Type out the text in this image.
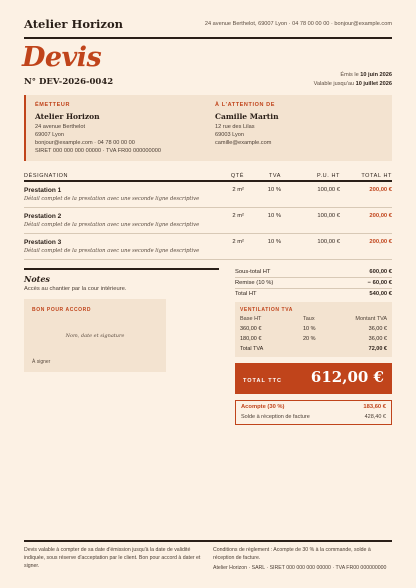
Atelier Horizon	24 avenue Berthelot, 69007 Lyon · 04 78 00 00 00 · bonjour@example.com
Devis
N° DEV-2026-0042
Émis le 10 juin 2026
Valable jusqu'au 10 juillet 2026
ÉMETTEUR
Atelier Horizon
24 avenue Berthelot
69007 Lyon
bonjour@example.com · 04 78 00 00 00
SIRET 000 000 000 00000 · TVA FR00 000000000
À L'ATTENTION DE
Camille Martin
12 rue des Lilas
69003 Lyon
camille@example.com
DÉSIGNATION	QTÉ	TVA	P.U. HT	TOTAL HT
Prestation 1
Détail complet de la prestation avec une seconde ligne descriptive
2 m²	10 %	100,00 €	200,00 €
Prestation 2
Détail complet de la prestation avec une seconde ligne descriptive
2 m²	10 %	100,00 €	200,00 €
Prestation 3
Détail complet de la prestation avec une seconde ligne descriptive
2 m²	10 %	100,00 €	200,00 €
Notes
Accès au chantier par la cour intérieure.
BON POUR ACCORD
Nom, date et signature
À signer
Sous-total HT	600,00 €
Remise (10 %)	− 60,00 €
Total HT	540,00 €
VENTILATION TVA
Base HT	Taux	Montant TVA
360,00 €	10 %	36,00 €
180,00 €	20 %	36,00 €
Total TVA	72,00 €
TOTAL TTC 612,00 €
Acompte (30 %)	183,60 €
Solde à réception de facture	428,40 €
Devis valable à compter de sa date d'émission jusqu'à la date de validité indiquée, sous réserve d'acceptation par le client. Bon pour accord à dater et signer.
Conditions de règlement : Acompte de 30 % à la commande, solde à réception de facture.
Atelier Horizon · SARL · SIRET 000 000 000 00000 · TVA FR00 000000000
